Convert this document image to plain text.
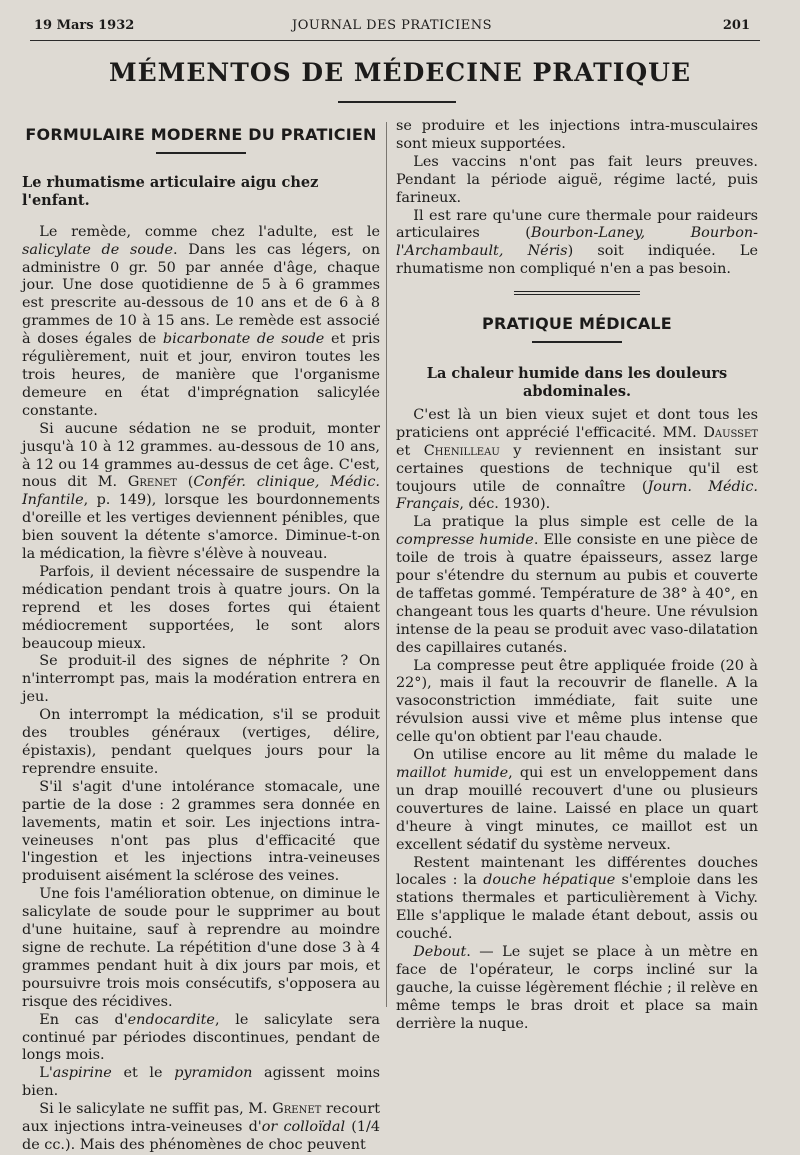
19 Mars 1932	JOURNAL DES PRATICIENS	201
MÉMENTOS DE MÉDECINE PRATIQUE
FORMULAIRE MODERNE DU PRATICIEN
Le rhumatisme articulaire aigu chez l'enfant.

Le remède, comme chez l'adulte, est le salicylate de soude. Dans les cas légers, on administre 0 gr. 50 par année d'âge, chaque jour. Une dose quotidienne de 5 à 6 grammes est prescrite au-dessous de 10 ans et de 6 à 8 grammes de 10 à 15 ans. Le remède est associé à doses égales de bicarbonate de soude et pris régulièrement, nuit et jour, environ toutes les trois heures, de manière que l'organisme demeure en état d'imprégnation salicylée constante.

Si aucune sédation ne se produit, monter jusqu'à 10 à 12 grammes. au-dessous de 10 ans, à 12 ou 14 grammes au-dessus de cet âge. C'est, nous dit M. Grenet (Confér. clinique, Médic. Infantile, p. 149), lorsque les bourdonnements d'oreille et les vertiges deviennent pénibles, que bien souvent la détente s'amorce. Diminue-t-on la médication, la fièvre s'élève à nouveau.

Parfois, il devient nécessaire de suspendre la médication pendant trois à quatre jours. On la reprend et les doses fortes qui étaient médiocrement supportées, le sont alors beaucoup mieux.

Se produit-il des signes de néphrite ? On n'interrompt pas, mais la modération entrera en jeu.

On interrompt la médication, s'il se produit des troubles généraux (vertiges, délire, épistaxis), pendant quelques jours pour la reprendre ensuite.

S'il s'agit d'une intolérance stomacale, une partie de la dose : 2 grammes sera donnée en lavements, matin et soir. Les injections intra-veineuses n'ont pas plus d'efficacité que l'ingestion et les injections intra-veineuses produisent aisément la sclérose des veines.

Une fois l'amélioration obtenue, on diminue le salicylate de soude pour le supprimer au bout d'une huitaine, sauf à reprendre au moindre signe de rechute. La répétition d'une dose 3 à 4 grammes pendant huit à dix jours par mois, et poursuivre trois mois consécutifs, s'opposera au risque des récidives.

En cas d'endocardite, le salicylate sera continué par périodes discontinues, pendant de longs mois.

L'aspirine et le pyramidon agissent moins bien.

Si le salicylate ne suffit pas, M. Grenet recourt aux injections intra-veineuses d'or colloïdal (1/4 de cc.). Mais des phénomènes de choc peuvent

se produire et les injections intra-musculaires sont mieux supportées.

Les vaccins n'ont pas fait leurs preuves. Pendant la période aiguë, régime lacté, puis farineux.

Il est rare qu'une cure thermale pour raideurs articulaires (Bourbon-Laney, Bourbon-l'Archambault, Néris) soit indiquée. Le rhumatisme non compliqué n'en a pas besoin.

PRATIQUE MÉDICALE
La chaleur humide dans les douleurs abdominales.

C'est là un bien vieux sujet et dont tous les praticiens ont apprécié l'efficacité. MM. Dausset et Chenilleau y reviennent en insistant sur certaines questions de technique qu'il est toujours utile de connaître (Journ. Médic. Français, déc. 1930).

La pratique la plus simple est celle de la compresse humide. Elle consiste en une pièce de toile de trois à quatre épaisseurs, assez large pour s'étendre du sternum au pubis et couverte de taffetas gommé. Température de 38° à 40°, en changeant tous les quarts d'heure. Une révulsion intense de la peau se produit avec vaso-dilatation des capillaires cutanés.

La compresse peut être appliquée froide (20 à 22°), mais il faut la recouvrir de flanelle. A la vasoconstriction immédiate, fait suite une révulsion aussi vive et même plus intense que celle qu'on obtient par l'eau chaude.

On utilise encore au lit même du malade le maillot humide, qui est un enveloppement dans un drap mouillé recouvert d'une ou plusieurs couvertures de laine. Laissé en place un quart d'heure à vingt minutes, ce maillot est un excellent sédatif du système nerveux.

Restent maintenant les différentes douches locales : la douche hépatique s'emploie dans les stations thermales et particulièrement à Vichy. Elle s'applique le malade étant debout, assis ou couché.

Debout. — Le sujet se place à un mètre en face de l'opérateur, le corps incliné sur la gauche, la cuisse légèrement fléchie ; il relève en même temps le bras droit et place sa main derrière la nuque.
